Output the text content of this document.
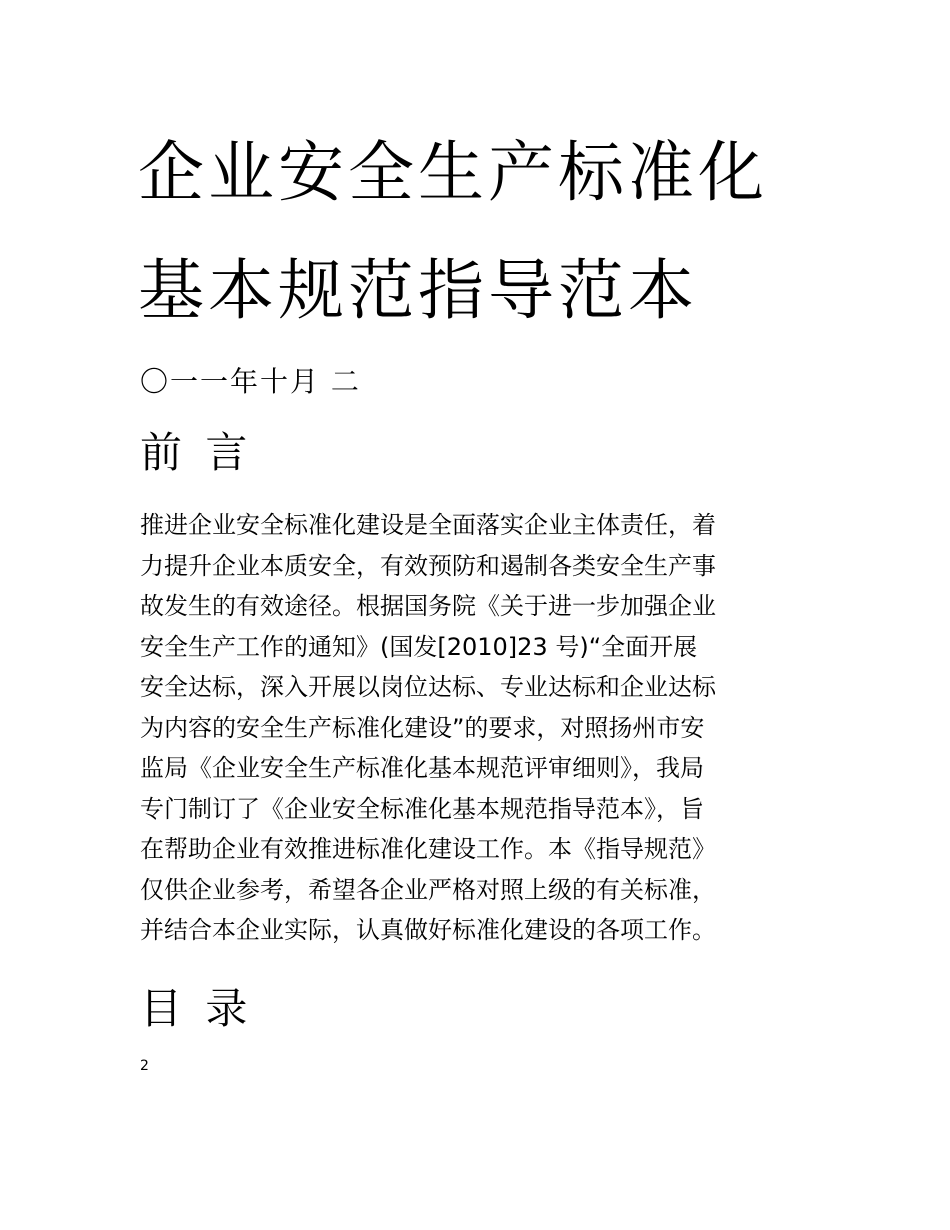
企业安全生产标准化
基本规范指导范本
〇一一年十月 二
前 言
推进企业安全标准化建设是全面落实企业主体责任，着
力提升企业本质安全，有效预防和遏制各类安全生产事
故发生的有效途径。根据国务院《关于进一步加强企业
安全生产工作的通知》(国发[2010]23 号)“全面开展
安全达标，深入开展以岗位达标、专业达标和企业达标
为内容的安全生产标准化建设”的要求，对照扬州市安
监局《企业安全生产标准化基本规范评审细则》，我局
专门制订了《企业安全标准化基本规范指导范本》，旨
在帮助企业有效推进标准化建设工作。本《指导规范》
仅供企业参考，希望各企业严格对照上级的有关标准，
并结合本企业实际，认真做好标准化建设的各项工作。
目 录
2
